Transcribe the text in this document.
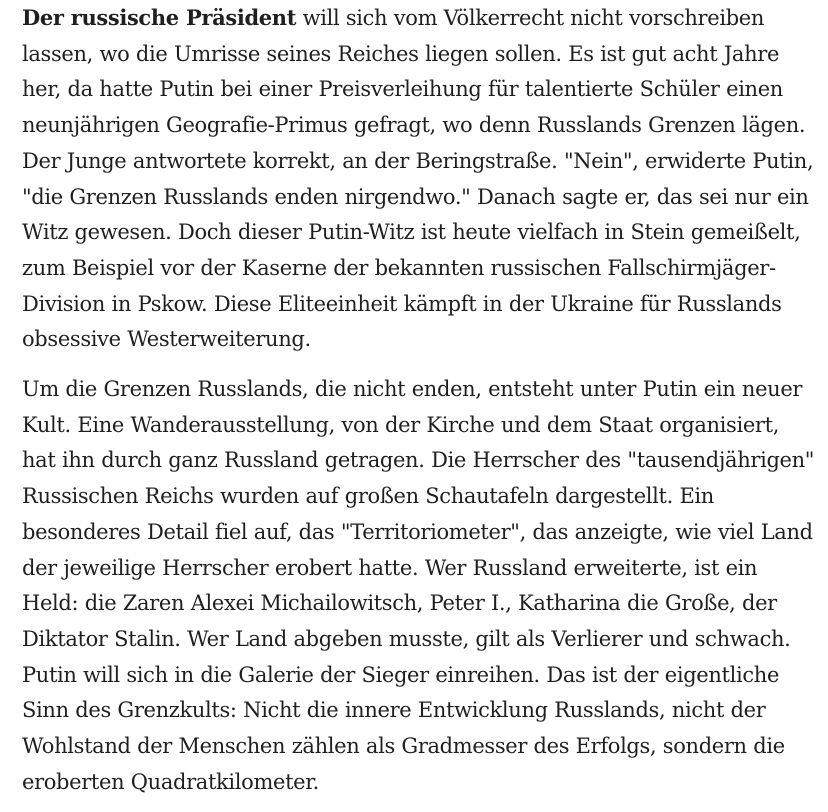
Der russische Präsident will sich vom Völkerrecht nicht vorschreiben lassen, wo die Umrisse seines Reiches liegen sollen. Es ist gut acht Jahre her, da hatte Putin bei einer Preisverleihung für talentierte Schüler einen neunjährigen Geografie-Primus gefragt, wo denn Russlands Grenzen lägen. Der Junge antwortete korrekt, an der Beringstraße. "Nein", erwiderte Putin, "die Grenzen Russlands enden nirgendwo." Danach sagte er, das sei nur ein Witz gewesen. Doch dieser Putin-Witz ist heute vielfach in Stein gemeißelt, zum Beispiel vor der Kaserne der bekannten russischen Fallschirmjäger-Division in Pskow. Diese Eliteeinheit kämpft in der Ukraine für Russlands obsessive Westerweiterung.

Um die Grenzen Russlands, die nicht enden, entsteht unter Putin ein neuer Kult. Eine Wanderausstellung, von der Kirche und dem Staat organisiert, hat ihn durch ganz Russland getragen. Die Herrscher des "tausendjährigen" Russischen Reichs wurden auf großen Schautafeln dargestellt. Ein besonderes Detail fiel auf, das "Territoriometer", das anzeigte, wie viel Land der jeweilige Herrscher erobert hatte. Wer Russland erweiterte, ist ein Held: die Zaren Alexei Michailowitsch, Peter I., Katharina die Große, der Diktator Stalin. Wer Land abgeben musste, gilt als Verlierer und schwach. Putin will sich in die Galerie der Sieger einreihen. Das ist der eigentliche Sinn des Grenzkults: Nicht die innere Entwicklung Russlands, nicht der Wohlstand der Menschen zählen als Gradmesser des Erfolgs, sondern die eroberten Quadratkilometer.
